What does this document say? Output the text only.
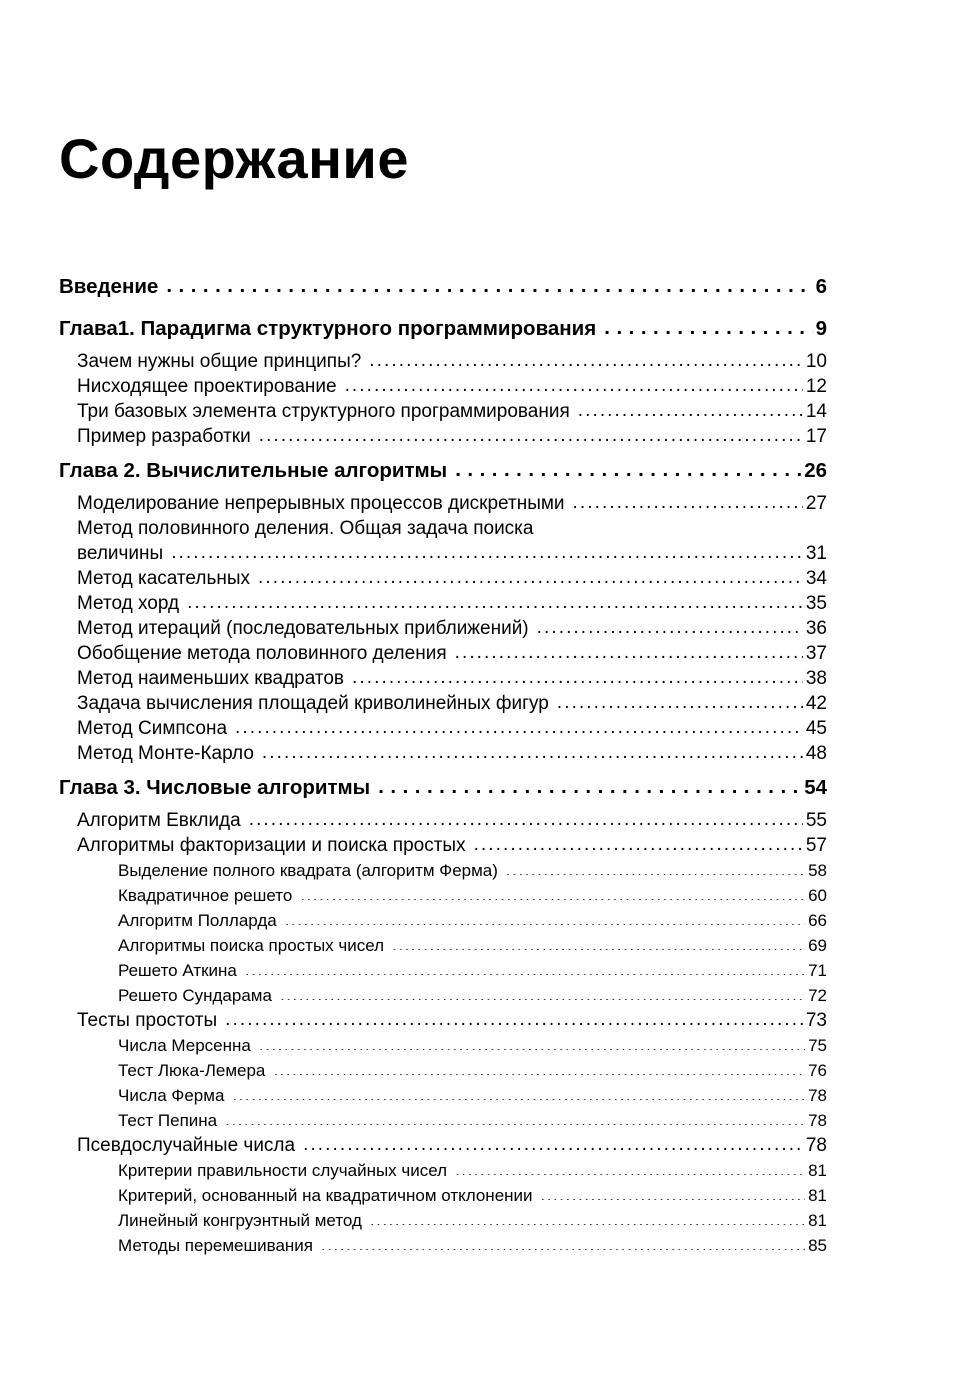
Содержание
Введение . . .	6
Глава1. Парадигма структурного программирования . . .	9
Зачем нужны общие принципы? . . .	10
Нисходящее проектирование . . .	12
Три базовых элемента структурного программирования . . .	14
Пример разработки . . .	17
Глава 2. Вычислительные алгоритмы . . .	26
Моделирование непрерывных процессов дискретными . . .	27
Метод половинного деления. Общая задача поиска
величины . . .	31
Метод касательных . . .	34
Метод хорд . . .	35
Метод итераций (последовательных приближений) . . .	36
Обобщение метода половинного деления . . .	37
Метод наименьших квадратов . . .	38
Задача вычисления площадей криволинейных фигур . . .	42
Метод Симпсона . . .	45
Метод Монте-Карло . . .	48
Глава 3. Числовые алгоритмы . . .	54
Алгоритм Евклида . . .	55
Алгоритмы факторизации и поиска простых . . .	57
Выделение полного квадрата (алгоритм Ферма) . . .	58
Квадратичное решето . . .	60
Алгоритм Полларда . . .	66
Алгоритмы поиска простых чисел . . .	69
Решето Аткина . . .	71
Решето Сундарама . . .	72
Тесты простоты . . .	73
Числа Мерсенна . . .	75
Тест Люка-Лемера . . .	76
Числа Ферма . . .	78
Тест Пепина . . .	78
Псевдослучайные числа . . .	78
Критерии правильности случайных чисел . . .	81
Критерий, основанный на квадратичном отклонении . . .	81
Линейный конгруэнтный метод . . .	81
Методы перемешивания . . .	85
